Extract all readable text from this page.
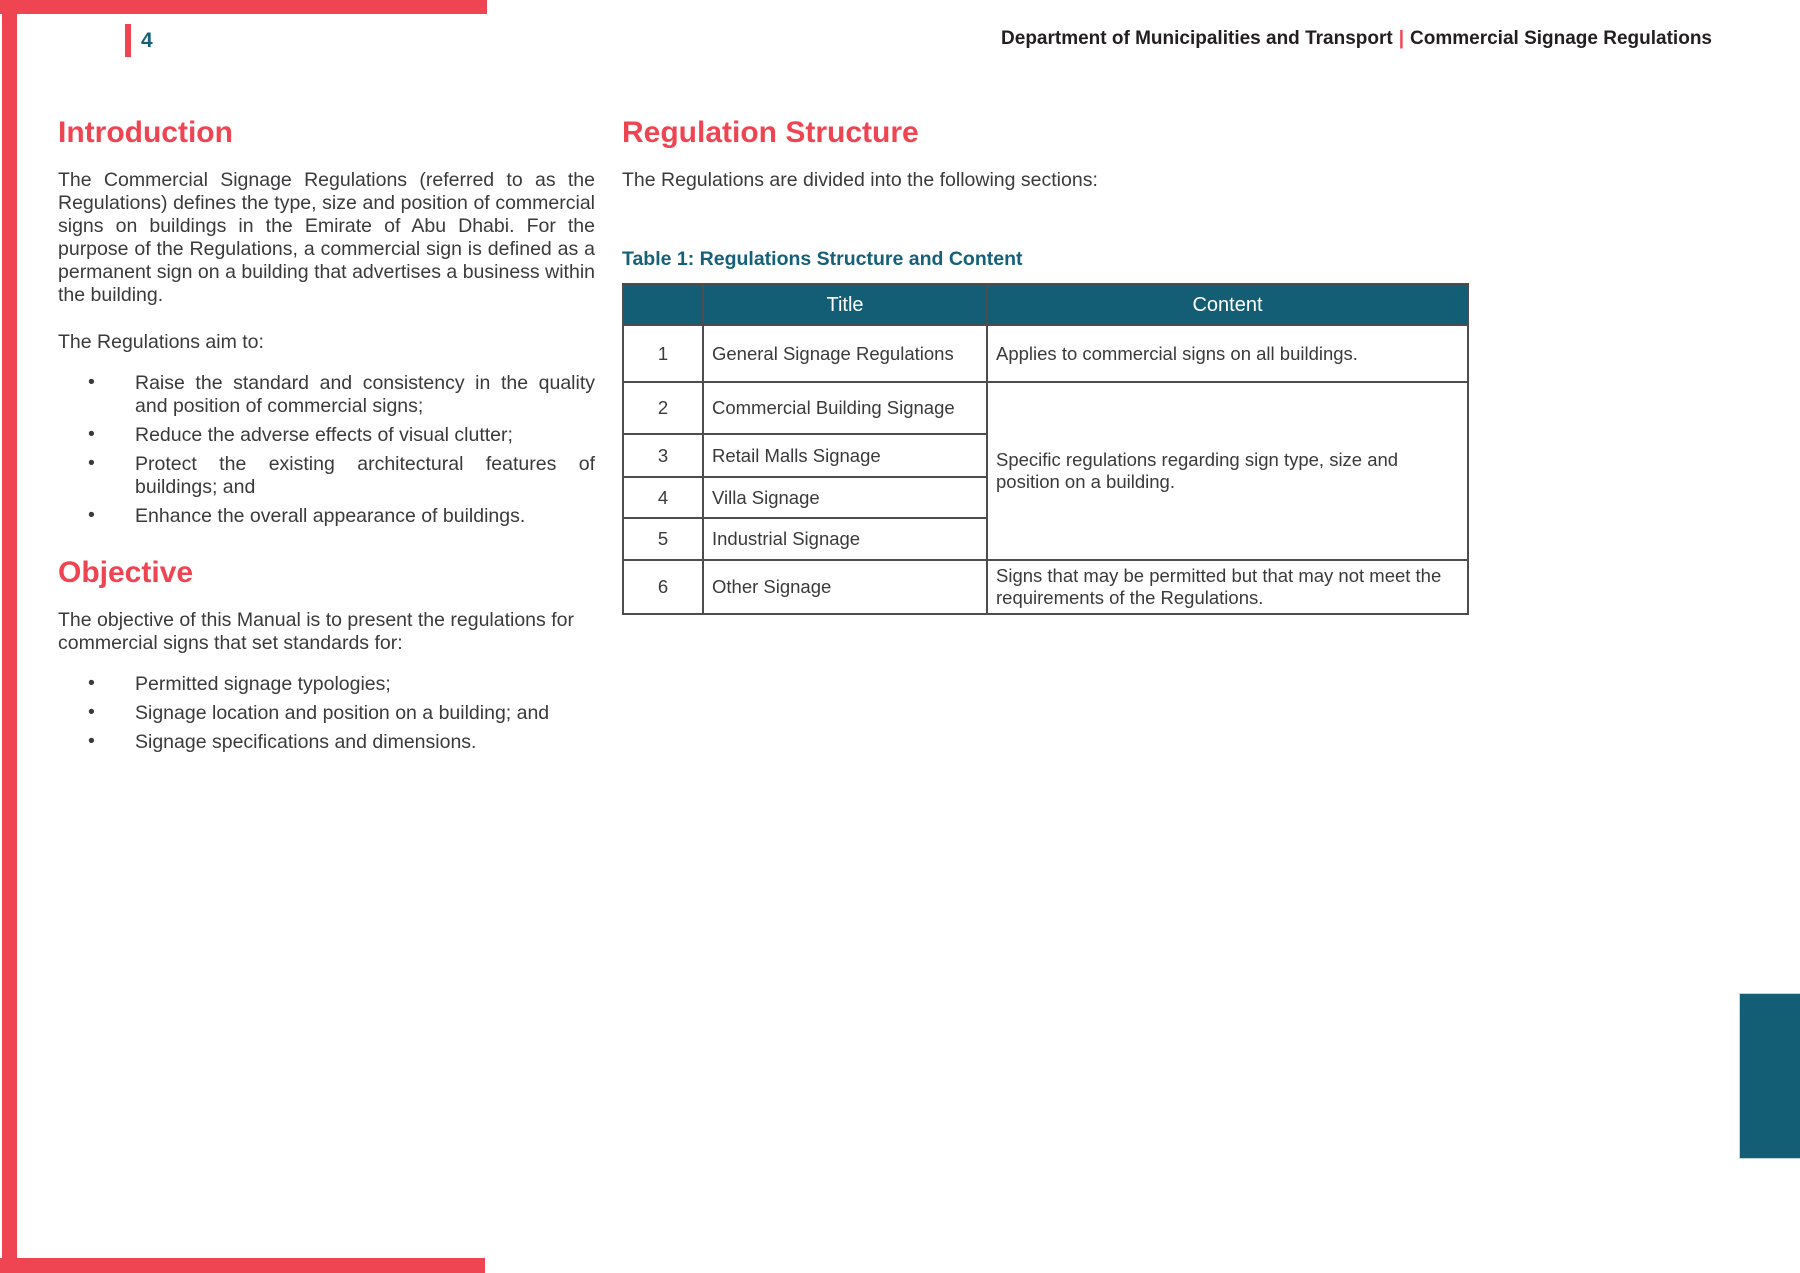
4	Department of Municipalities and Transport | Commercial Signage Regulations
Introduction

The Commercial Signage Regulations (referred to as the Regulations) defines the type, size and position of commercial signs on buildings in the Emirate of Abu Dhabi. For the purpose of the Regulations, a commercial sign is defined as a permanent sign on a building that advertises a business within the building.

The Regulations aim to:

• Raise the standard and consistency in the quality and position of commercial signs;
• Reduce the adverse effects of visual clutter;
• Protect the existing architectural features of buildings; and
• Enhance the overall appearance of buildings.
Objective

The objective of this Manual is to present the regulations for commercial signs that set standards for:

• Permitted signage typologies;
• Signage location and position on a building; and
• Signage specifications and dimensions.
Regulation Structure

The Regulations are divided into the following sections:

Table 1: Regulations Structure and Content

	Title	Content
1	General Signage Regulations	Applies to commercial signs on all buildings.
2	Commercial Building Signage	Specific regulations regarding sign type, size and position on a building.
3	Retail Malls Signage	
4	Villa Signage	
5	Industrial Signage	
6	Other Signage	Signs that may be permitted but that may not meet the requirements of the Regulations.
